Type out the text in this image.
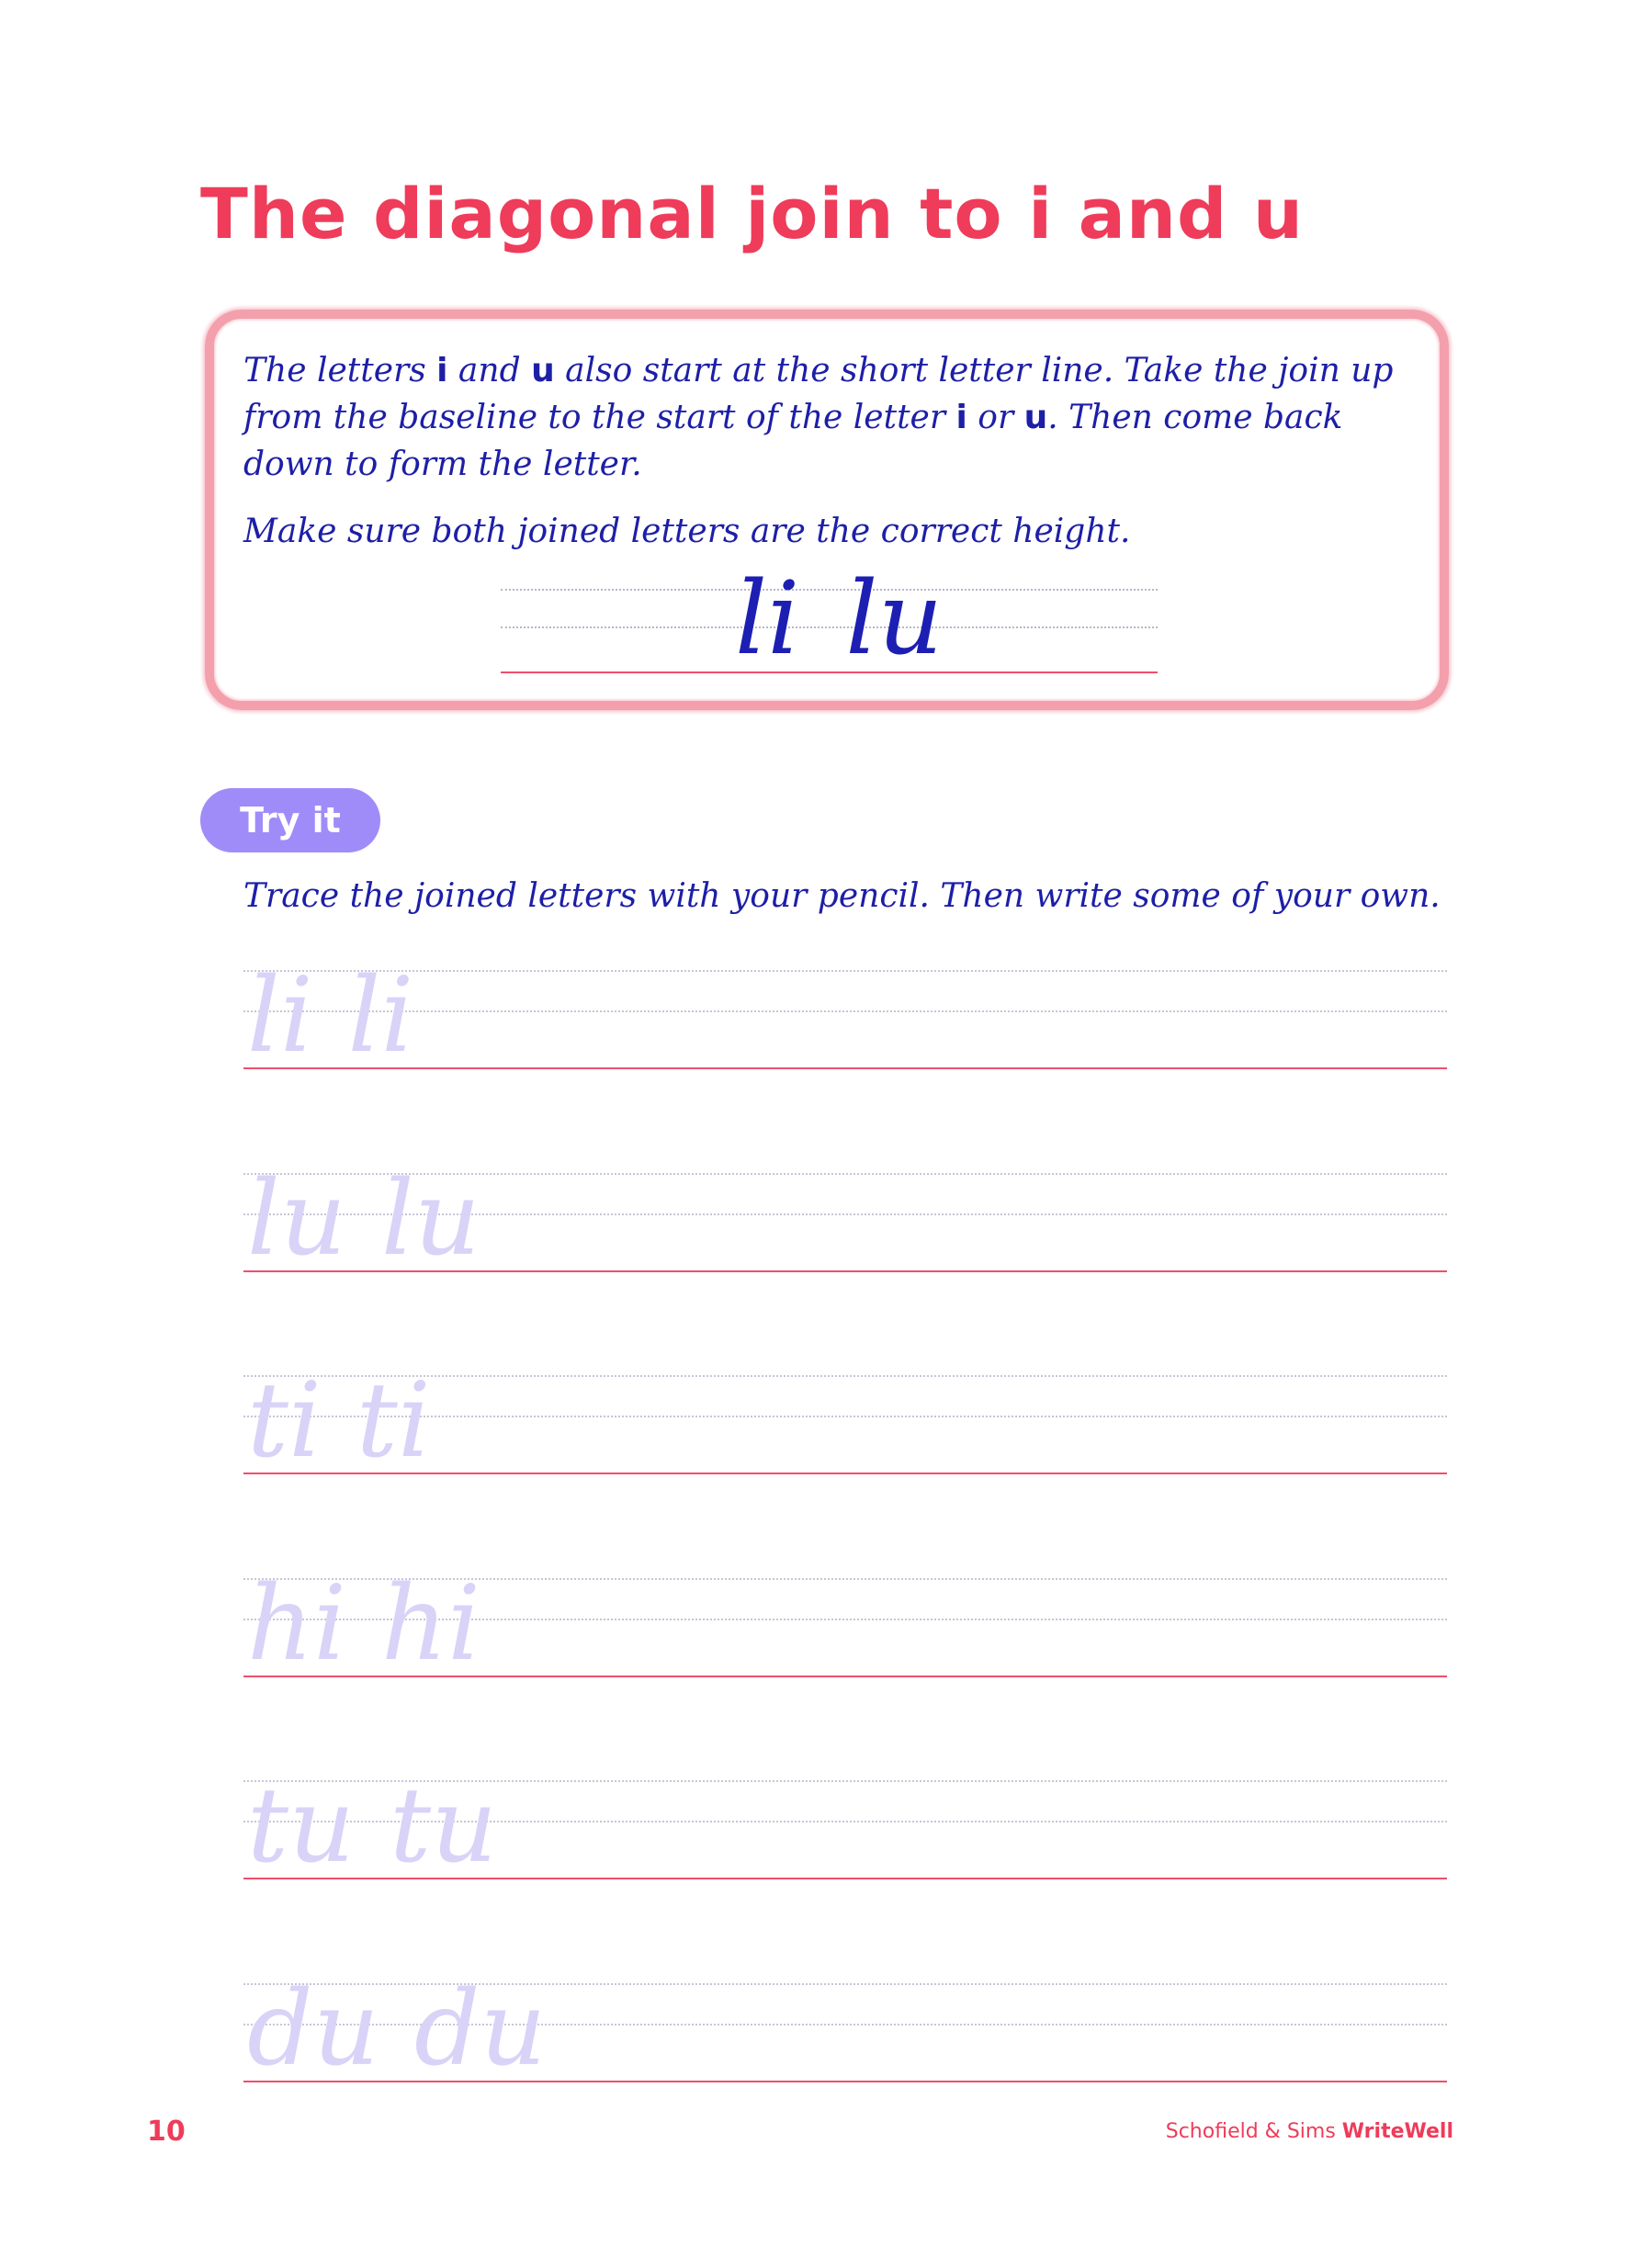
The diagonal join to i and u
The letters i and u also start at the short letter line. Take the join up from the baseline to the start of the letter i or u. Then come back down to form the letter.
Make sure both joined letters are the correct height.
li lu
Try it
Trace the joined letters with your pencil. Then write some of your own.
li li
lu lu
ti ti
hi hi
tu tu
du du
10	Schofield & Sims WriteWell
